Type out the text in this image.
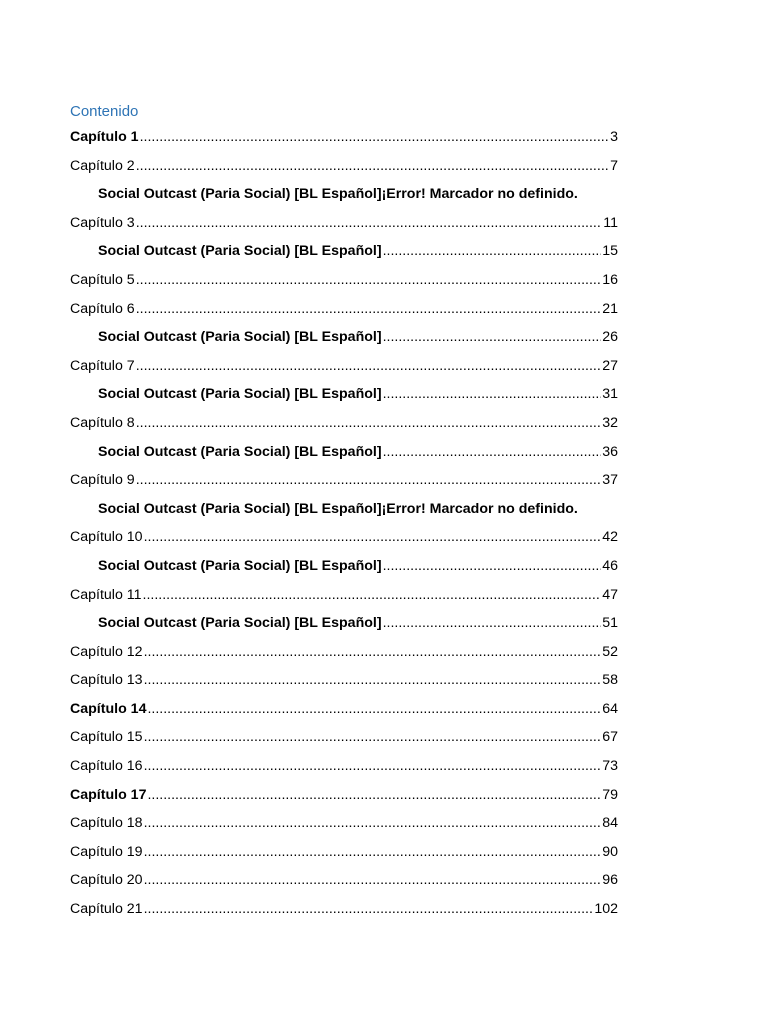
Contenido
Capítulo 1 .....	3
Capítulo 2 .....	7
Social Outcast (Paria Social) [BL Español] ¡Error! Marcador no definido.
Capítulo 3 .....	11
Social Outcast (Paria Social) [BL Español] .....	15
Capítulo 5 .....	16
Capítulo 6 .....	21
Social Outcast (Paria Social) [BL Español] .....	26
Capítulo 7 .....	27
Social Outcast (Paria Social) [BL Español] .....	31
Capítulo 8 .....	32
Social Outcast (Paria Social) [BL Español] .....	36
Capítulo 9 .....	37
Social Outcast (Paria Social) [BL Español] ¡Error! Marcador no definido.
Capítulo 10 .....	42
Social Outcast (Paria Social) [BL Español] .....	46
Capítulo 11 .....	47
Social Outcast (Paria Social) [BL Español] .....	51
Capítulo 12 .....	52
Capítulo 13 .....	58
Capítulo 14 .....	64
Capítulo 15 .....	67
Capítulo 16 .....	73
Capítulo 17 .....	79
Capítulo 18 .....	84
Capítulo 19 .....	90
Capítulo 20 .....	96
Capítulo 21 .....	102
